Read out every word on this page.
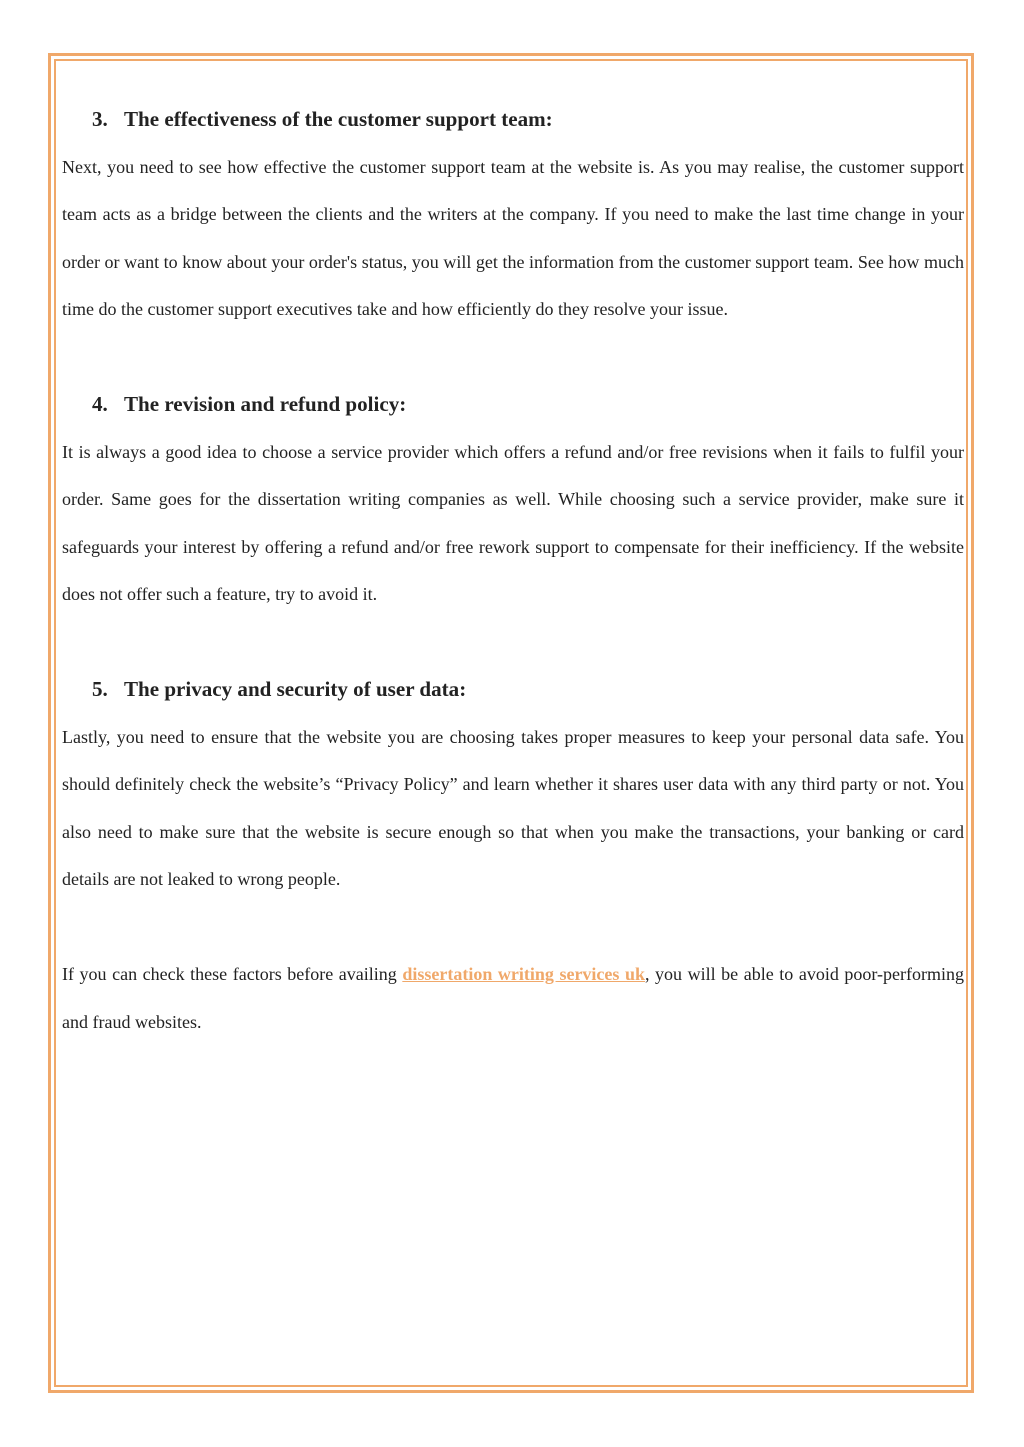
3. The effectiveness of the customer support team:

Next, you need to see how effective the customer support team at the website is. As you may realise, the customer support team acts as a bridge between the clients and the writers at the company. If you need to make the last time change in your order or want to know about your order's status, you will get the information from the customer support team. See how much time do the customer support executives take and how efficiently do they resolve your issue.

4. The revision and refund policy:

It is always a good idea to choose a service provider which offers a refund and/or free revisions when it fails to fulfil your order. Same goes for the dissertation writing companies as well. While choosing such a service provider, make sure it safeguards your interest by offering a refund and/or free rework support to compensate for their inefficiency. If the website does not offer such a feature, try to avoid it.

5. The privacy and security of user data:

Lastly, you need to ensure that the website you are choosing takes proper measures to keep your personal data safe. You should definitely check the website’s “Privacy Policy” and learn whether it shares user data with any third party or not. You also need to make sure that the website is secure enough so that when you make the transactions, your banking or card details are not leaked to wrong people.

If you can check these factors before availing dissertation writing services uk, you will be able to avoid poor-performing and fraud websites.
